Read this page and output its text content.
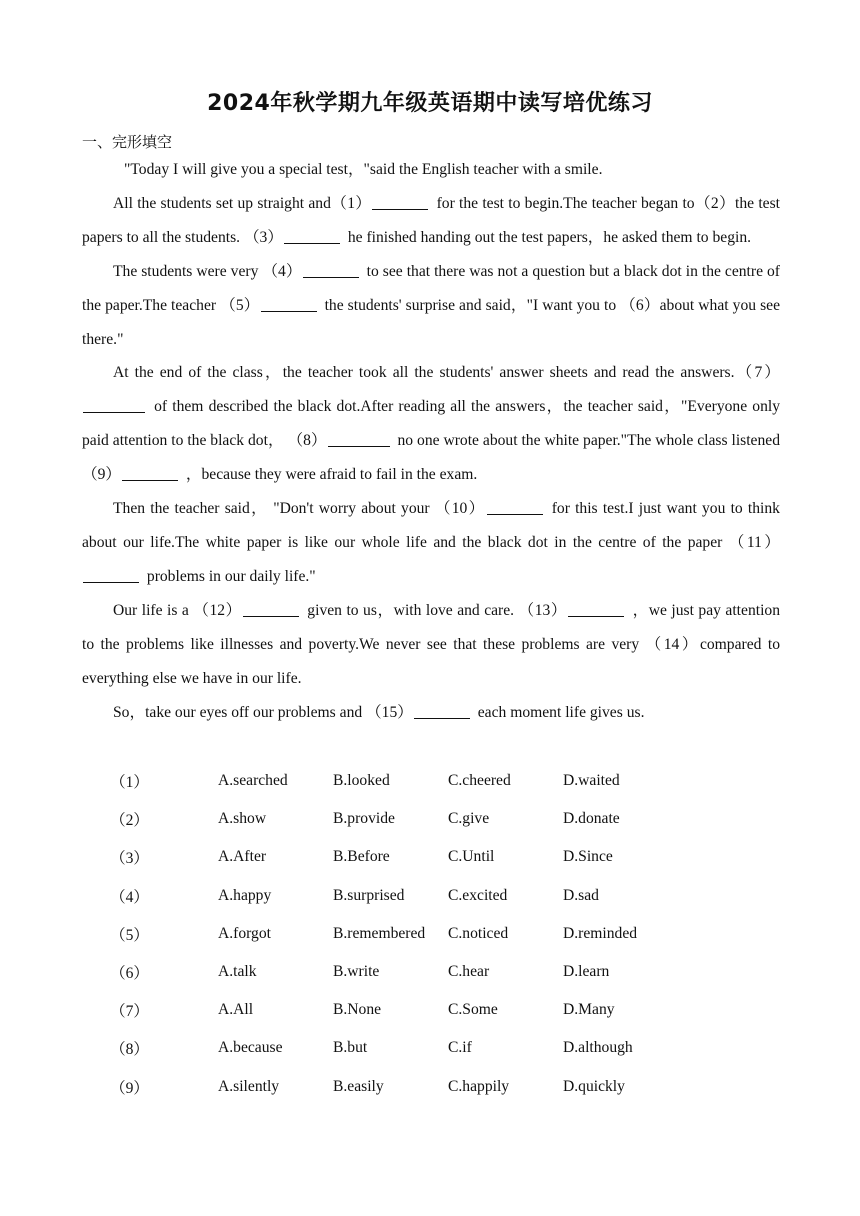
2024年秋学期九年级英语期中读写培优练习
一、完形填空

"Today I will give you a special test，"said the English teacher with a smile.

All the students set up straight and（1）	for the test to begin.The teacher began to（2）the test papers to all the students. （3）	he finished handing out the test papers，he asked them to begin.

The students were very （4）	to see that there was not a question but a black dot in the centre of the paper.The teacher （5）	the students' surprise and said，"I want you to （6）about what you see there."

At the end of the class，the teacher took all the students' answer sheets and read the answers.（7） of them described the black dot.After reading all the answers，the teacher said，"Everyone only paid attention to the black dot， （8）	no one wrote about the white paper."The whole class listened （9）	，because they were afraid to fail in the exam.

Then the teacher said， "Don't worry about your （10）	for this test.I just want you to think about our life.The white paper is like our whole life and the black dot in the centre of the paper （11） problems in our daily life."

Our life is a （12）	given to us，with love and care. （13）	，we just pay attention to the problems like illnesses and poverty.We never see that these problems are very （14）compared to everything else we have in our life.

So，take our eyes off our problems and （15）	each moment life gives us.

（1）	A.searched	B.looked	C.cheered	D.waited
（2）	A.show	B.provide	C.give	D.donate
（3）	A.After	B.Before	C.Until	D.Since
（4）	A.happy	B.surprised	C.excited	D.sad
（5）	A.forgot	B.remembered	C.noticed	D.reminded
（6）	A.talk	B.write	C.hear	D.learn
（7）	A.All	B.None	C.Some	D.Many
（8）	A.because	B.but	C.if	D.although
（9）	A.silently	B.easily	C.happily	D.quickly
